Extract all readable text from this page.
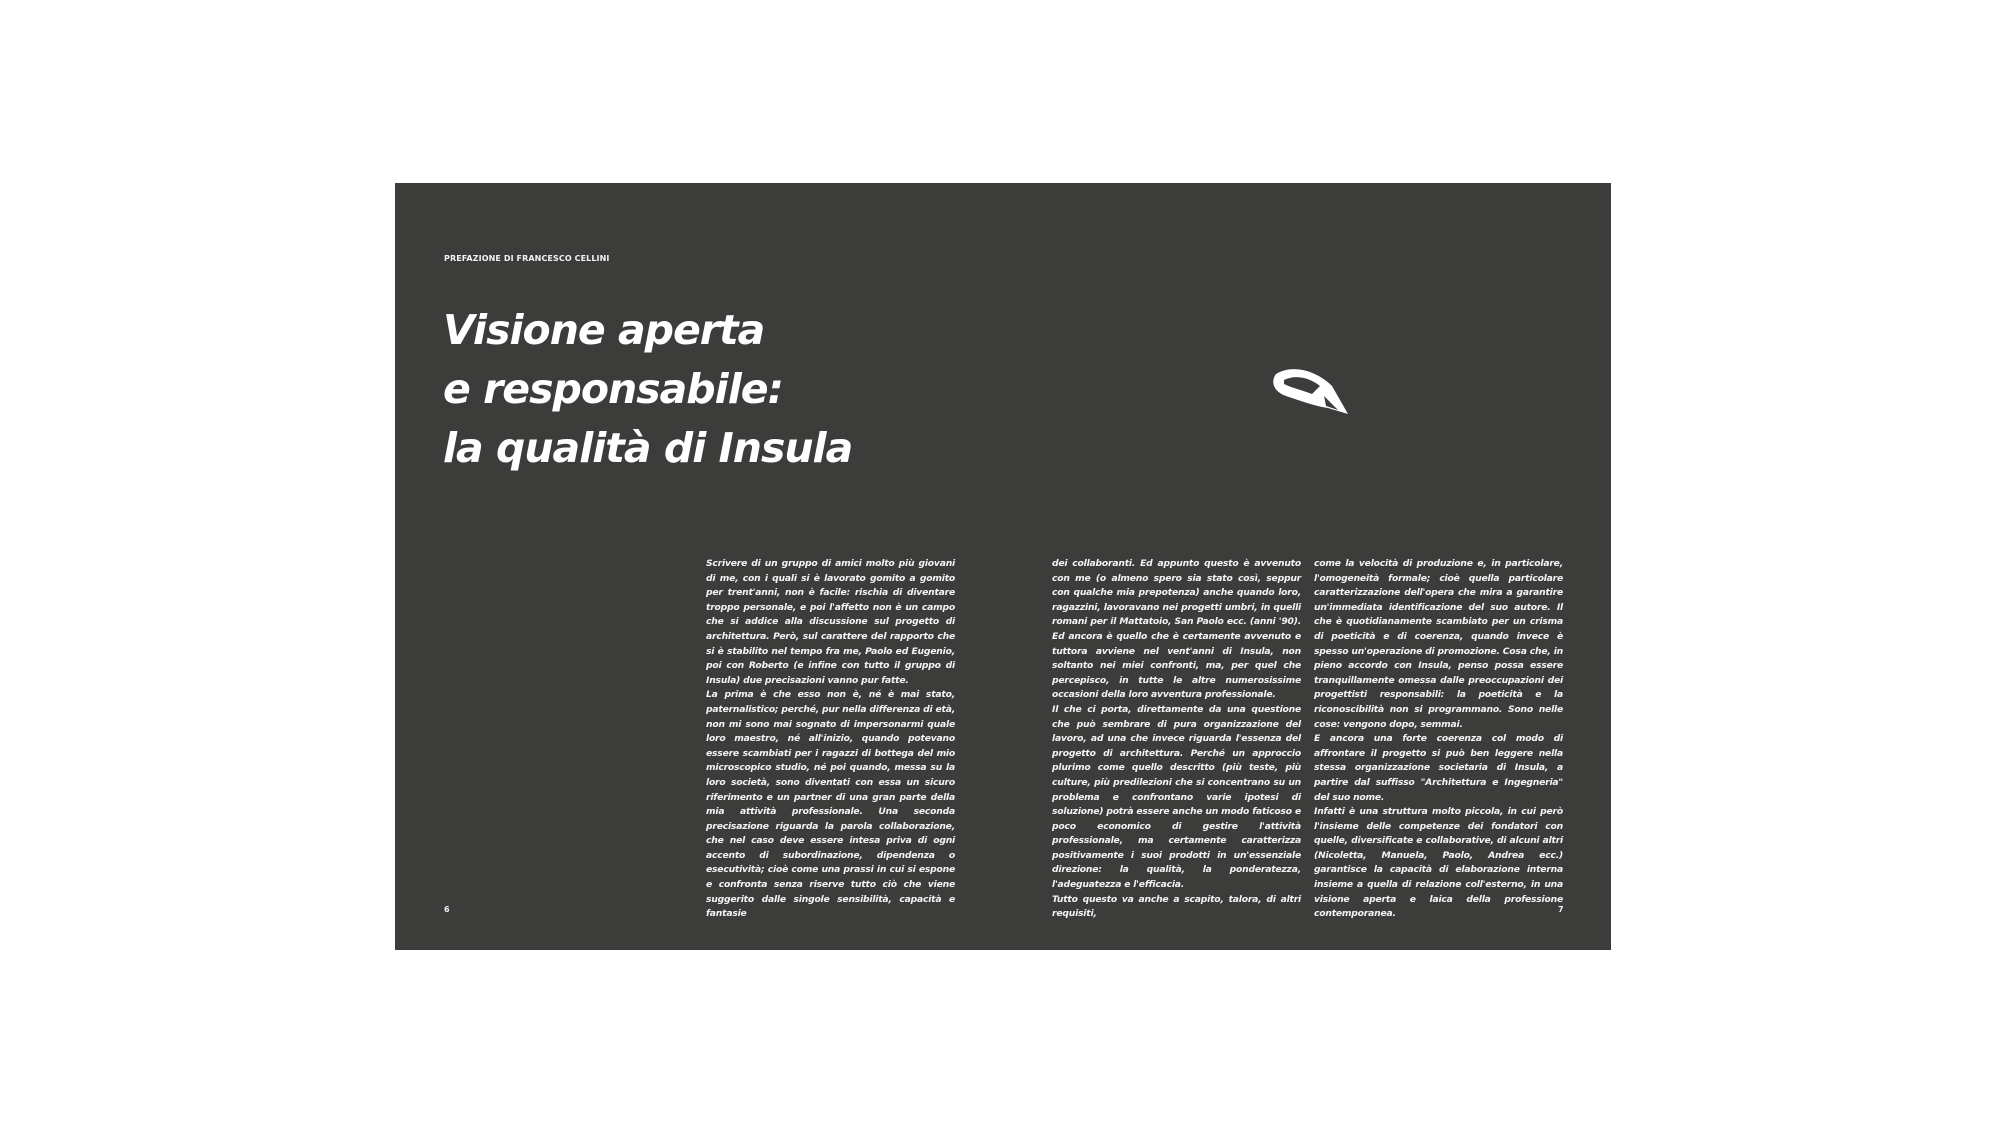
PREFAZIONE DI FRANCESCO CELLINI
Visione aperta
e responsabile:
la qualità di Insula

Scrivere di un gruppo di amici molto più giovani di me, con i quali si è lavorato gomito a gomito per trent'anni, non è facile: rischia di diventare troppo personale, e poi l'affetto non è un campo che si addice alla discussione sul progetto di architettura. Però, sul carattere del rapporto che si è stabilito nel tempo fra me, Paolo ed Eugenio, poi con Roberto (e infine con tutto il gruppo di Insula) due precisazioni vanno pur fatte.

La prima è che esso non è, né è mai stato, paternalistico; perché, pur nella differenza di età, non mi sono mai sognato di impersonarmi quale loro maestro, né all'inizio, quando potevano essere scambiati per i ragazzi di bottega del mio microscopico studio, né poi quando, messa su la loro società, sono diventati con essa un sicuro riferimento e un partner di una gran parte della mia attività professionale. Una seconda precisazione riguarda la parola collaborazione, che nel caso deve essere intesa priva di ogni accento di subordinazione, dipendenza o esecutività; cioè come una prassi in cui si espone e confronta senza riserve tutto ciò che viene suggerito dalle singole sensibilità, capacità e fantasie

dei collaboranti. Ed appunto questo è avvenuto con me (o almeno spero sia stato così, seppur con qualche mia prepotenza) anche quando loro, ragazzini, lavoravano nei progetti umbri, in quelli romani per il Mattatoio, San Paolo ecc. (anni '90). Ed ancora è quello che è certamente avvenuto e tuttora avviene nel vent'anni di Insula, non soltanto nei miei confronti, ma, per quel che percepisco, in tutte le altre numerosissime occasioni della loro avventura professionale.

Il che ci porta, direttamente da una questione che può sembrare di pura organizzazione del lavoro, ad una che invece riguarda l'essenza del progetto di architettura. Perché un approccio plurimo come quello descritto (più teste, più culture, più predilezioni che si concentrano su un problema e confrontano varie ipotesi di soluzione) potrà essere anche un modo faticoso e poco economico di gestire l'attività professionale, ma certamente caratterizza positivamente i suoi prodotti in un'essenziale direzione: la qualità, la ponderatezza, l'adeguatezza e l'efficacia.

Tutto questo va anche a scapito, talora, di altri requisiti,

come la velocità di produzione e, in particolare, l'omogeneità formale; cioè quella particolare caratterizzazione dell'opera che mira a garantire un'immediata identificazione del suo autore. Il che è quotidianamente scambiato per un crisma di poeticità e di coerenza, quando invece è spesso un'operazione di promozione. Cosa che, in pieno accordo con Insula, penso possa essere tranquillamente omessa dalle preoccupazioni dei progettisti responsabili: la poeticità e la riconoscibilità non si programmano. Sono nelle cose: vengono dopo, semmai.

E ancora una forte coerenza col modo di affrontare il progetto si può ben leggere nella stessa organizzazione societaria di Insula, a partire dal suffisso "Architettura e Ingegneria" del suo nome.

Infatti è una struttura molto piccola, in cui però l'insieme delle competenze dei fondatori con quelle, diversificate e collaborative, di alcuni altri (Nicoletta, Manuela, Paolo, Andrea ecc.) garantisce la capacità di elaborazione interna insieme a quella di relazione coll'esterno, in una visione aperta e laica della professione contemporanea.

6	7
